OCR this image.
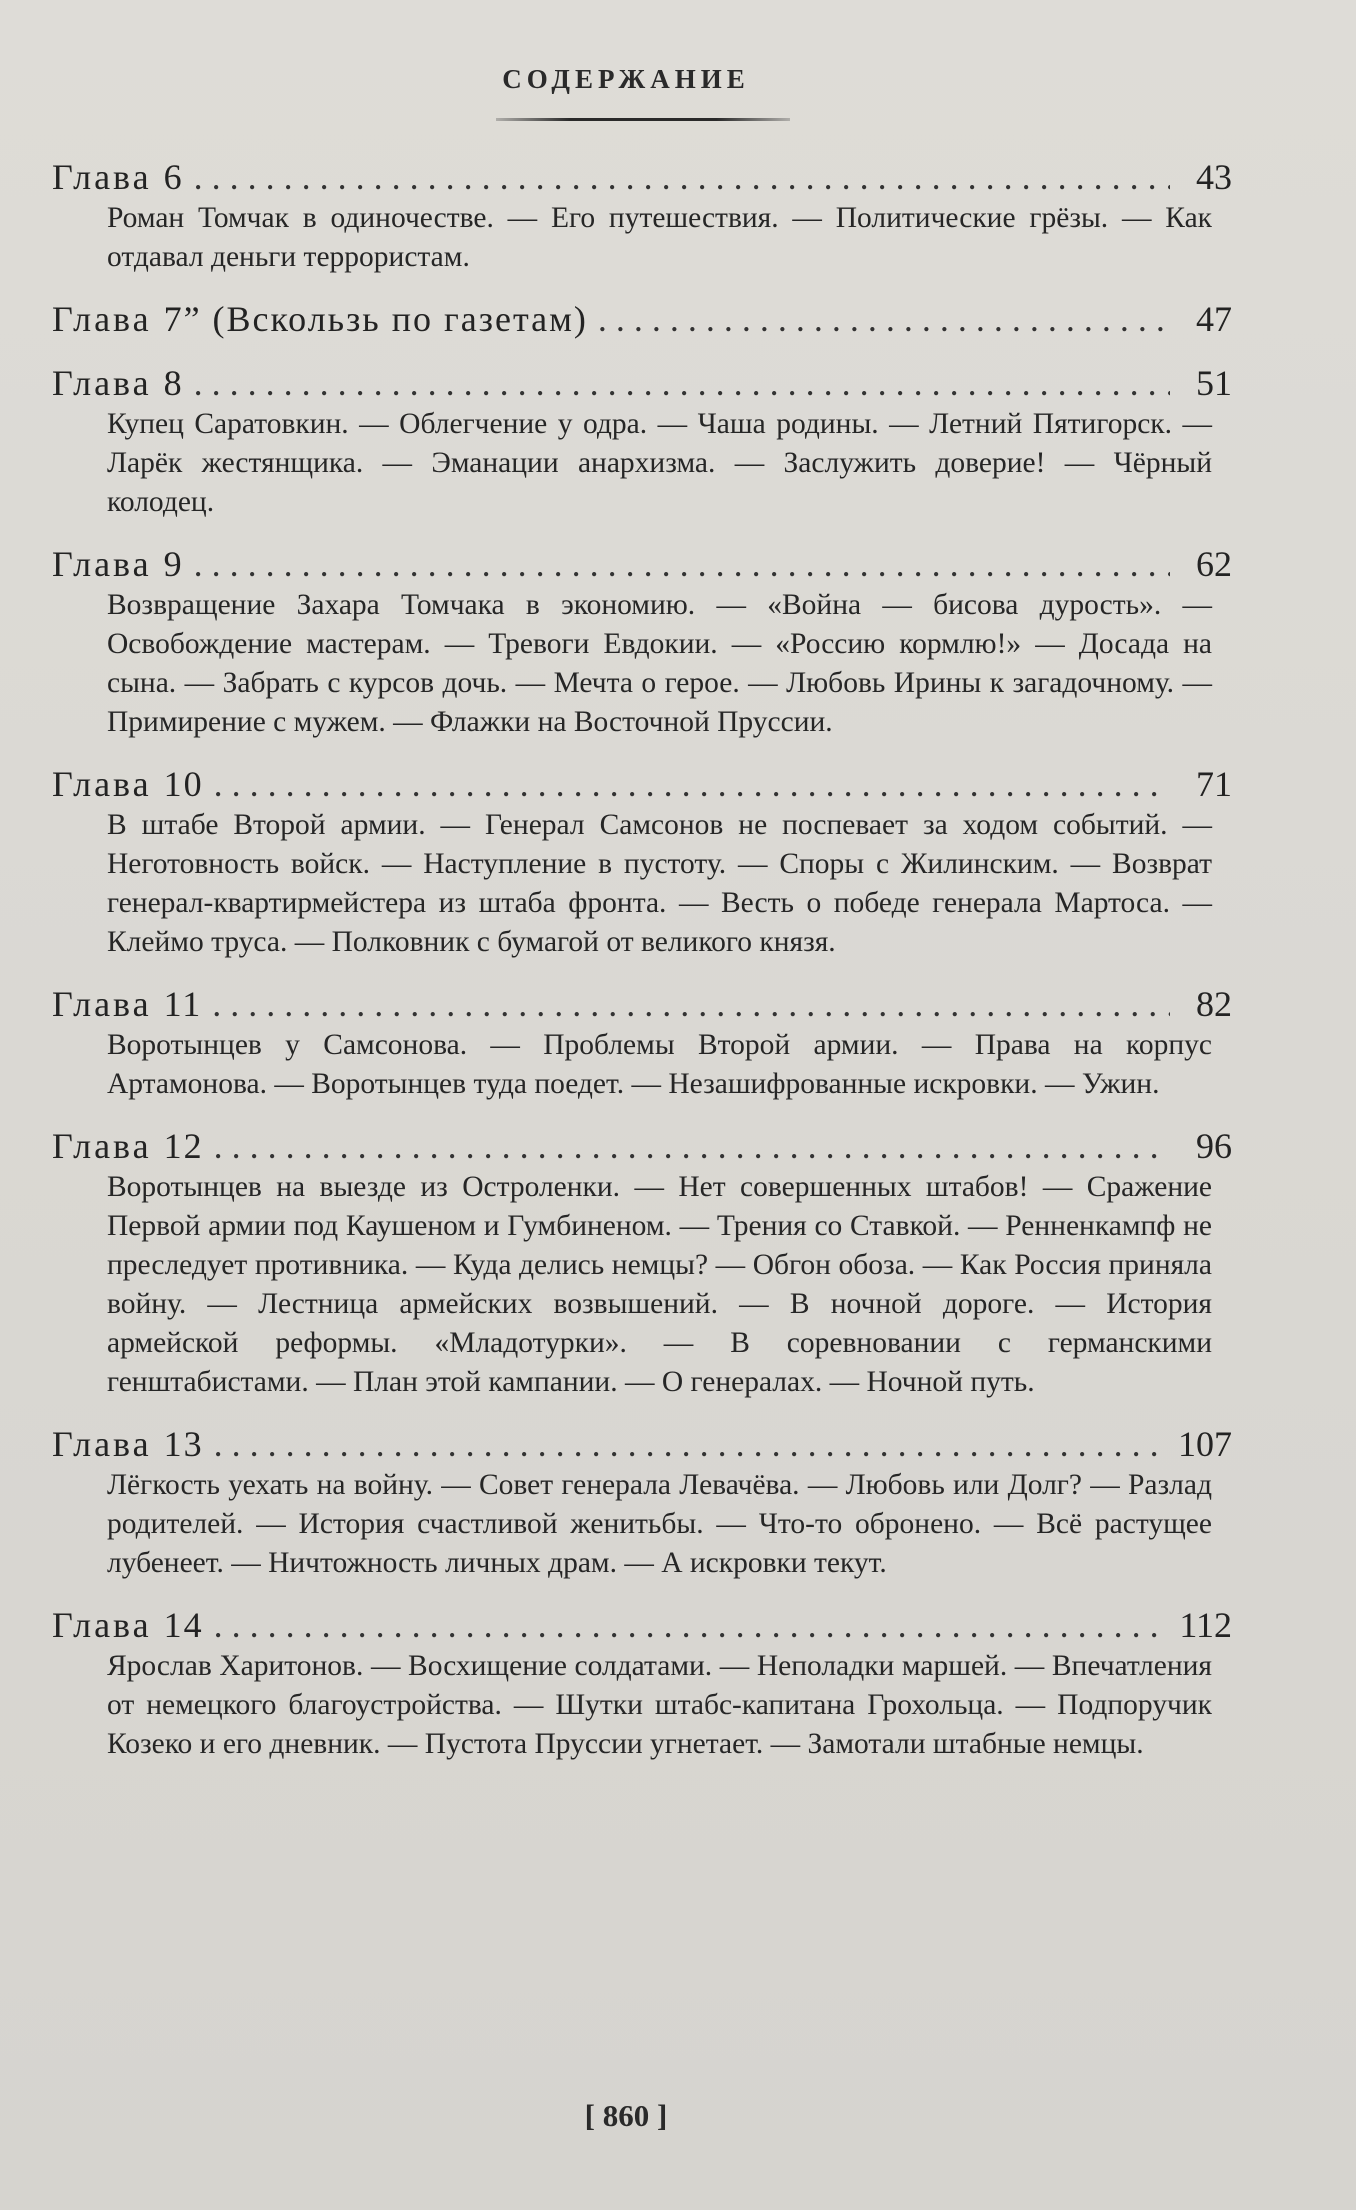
СОДЕРЖАНИЕ
Глава 6 . . .	43
Роман Томчак в одиночестве. — Его путешествия. — Политические грёзы. — Как отдавал деньги террористам.
Глава 7” (Вскользь по газетам) . . .	47
Глава 8 . . .	51
Купец Саратовкин. — Облегчение у одра. — Чаша родины. — Летний Пятигорск. — Ларёк жестянщика. — Эманации анархизма. — Заслужить доверие! — Чёрный колодец.
Глава 9 . . .	62
Возвращение Захара Томчака в экономию. — «Война — бисова дурость». — Освобождение мастерам. — Тревоги Евдокии. — «Россию кормлю!» — Досада на сына. — Забрать с курсов дочь. — Мечта о герое. — Любовь Ирины к загадочному. — Примирение с мужем. — Флажки на Восточной Пруссии.
Глава 10 . . .	71
В штабе Второй армии. — Генерал Самсонов не поспевает за ходом событий. — Неготовность войск. — Наступление в пустоту. — Споры с Жилинским. — Возврат генерал-квартирмейстера из штаба фронта. — Весть о победе генерала Мартоса. — Клеймо труса. — Полковник с бумагой от великого князя.
Глава 11 . . .	82
Воротынцев у Самсонова. — Проблемы Второй армии. — Права на корпус Артамонова. — Воротынцев туда поедет. — Незашифрованные искровки. — Ужин.
Глава 12 . . .	96
Воротынцев на выезде из Остроленки. — Нет совершенных штабов! — Сражение Первой армии под Каушеном и Гумбиненом. — Трения со Ставкой. — Ренненкампф не преследует противника. — Куда делись немцы? — Обгон обоза. — Как Россия приняла войну. — Лестница армейских возвышений. — В ночной дороге. — История армейской реформы. «Младотурки». — В соревновании с германскими генштабистами. — План этой кампании. — О генералах. — Ночной путь.
Глава 13 . . .	107
Лёгкость уехать на войну. — Совет генерала Левачёва. — Любовь или Долг? — Разлад родителей. — История счастливой женитьбы. — Что-то обронено. — Всё растущее лубенеет. — Ничтожность личных драм. — А искровки текут.
Глава 14 . . .	112
Ярослав Харитонов. — Восхищение солдатами. — Неполадки маршей. — Впечатления от немецкого благоустройства. — Шутки штабс-капитана Грохольца. — Подпоручик Козеко и его дневник. — Пустота Пруссии угнетает. — Замотали штабные немцы.
[ 860 ]
